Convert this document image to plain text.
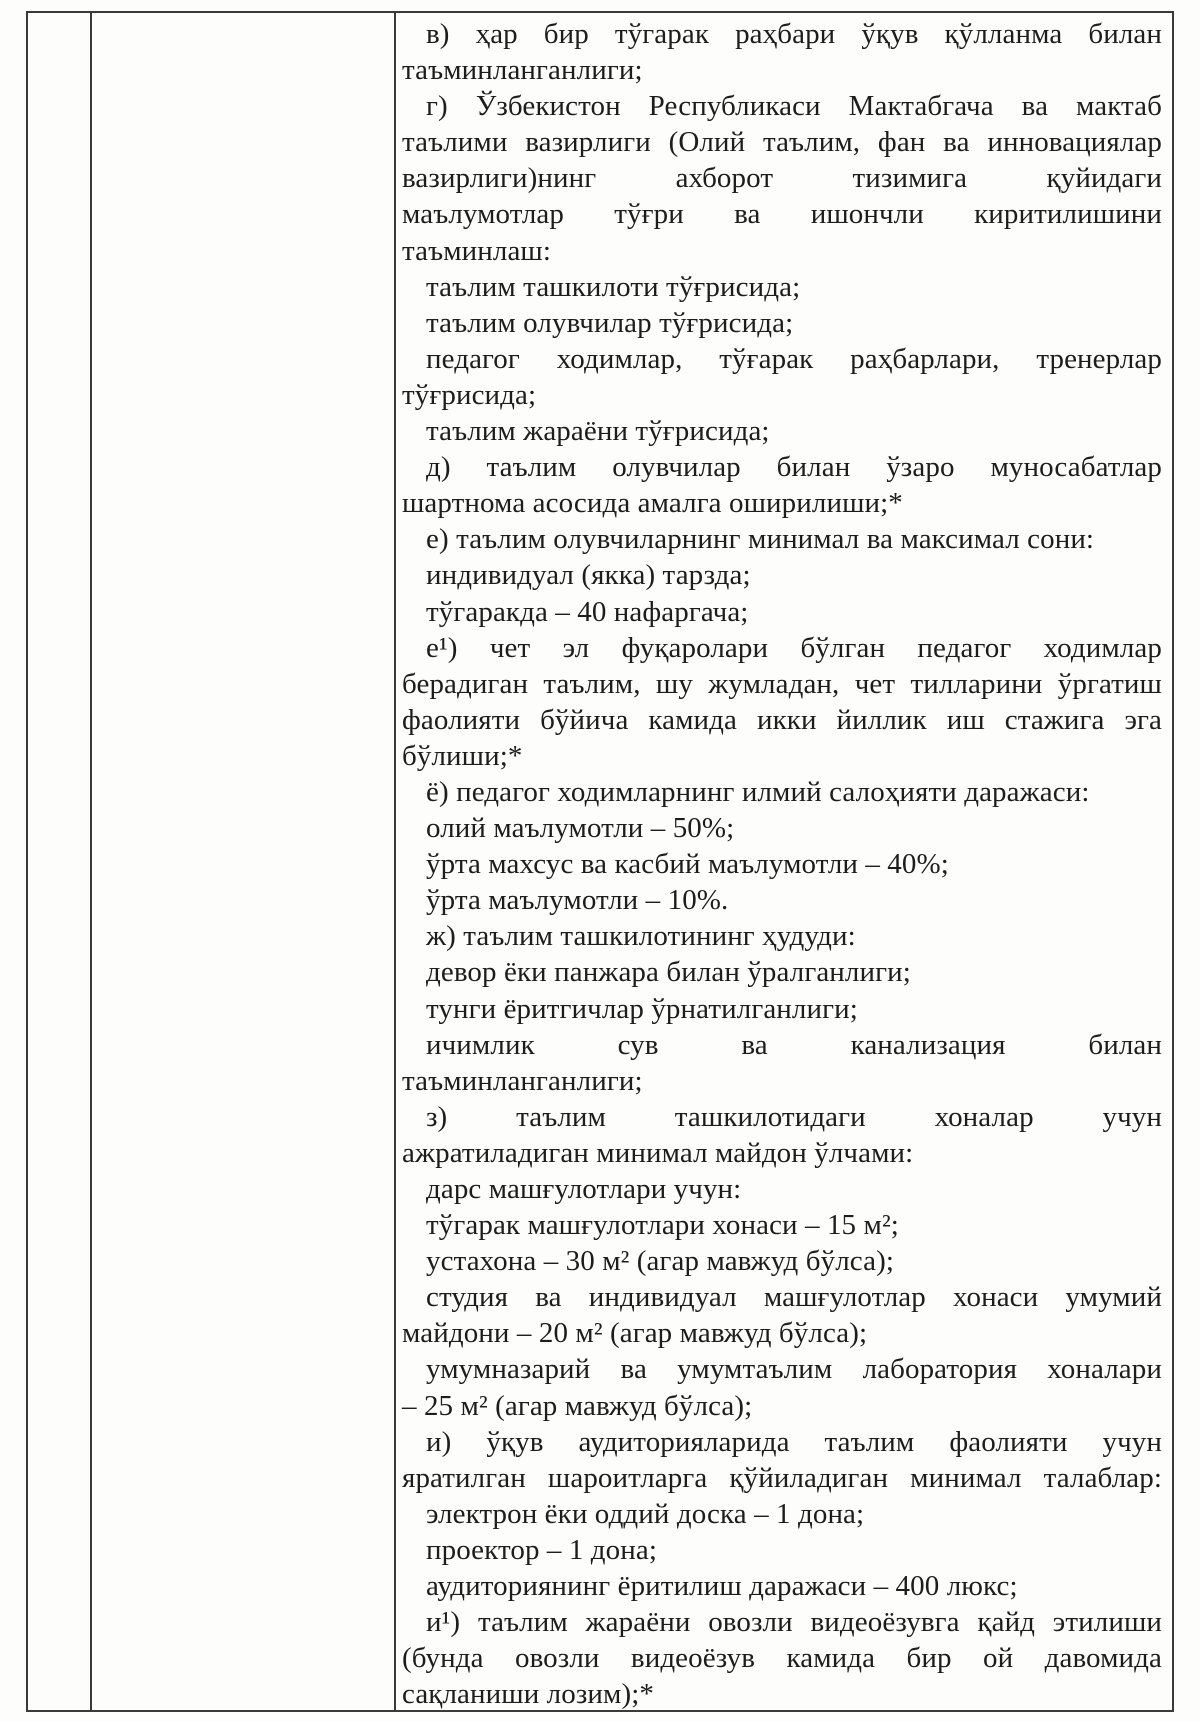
в) ҳар бир тўгарак раҳбари ўқув қўлланма билан
таъминланганлиги;
г) Ўзбекистон Республикаси Мактабгача ва мактаб
таълими вазирлиги (Олий таълим, фан ва инновациялар
вазирлиги)нинг ахборот тизимига қуйидаги
маълумотлар тўғри ва ишончли киритилишини
таъминлаш:
таълим ташкилоти тўғрисида;
таълим олувчилар тўғрисида;
педагог ходимлар, тўғарак раҳбарлари, тренерлар
тўғрисида;
таълим жараёни тўғрисида;
д) таълим олувчилар билан ўзаро муносабатлар
шартнома асосида амалга оширилиши;*
е) таълим олувчиларнинг минимал ва максимал сони:
индивидуал (якка) тарзда;
тўгаракда – 40 нафаргача;
е¹) чет эл фуқаролари бўлган педагог ходимлар
берадиган таълим, шу жумладан, чет тилларини ўргатиш
фаолияти бўйича камида икки йиллик иш стажига эга
бўлиши;*
ё) педагог ходимларнинг илмий салоҳияти даражаси:
олий маълумотли – 50%;
ўрта махсус ва касбий маълумотли – 40%;
ўрта маълумотли – 10%.
ж) таълим ташкилотининг ҳудуди:
девор ёки панжара билан ўралганлиги;
тунги ёритгичлар ўрнатилганлиги;
ичимлик сув ва канализация билан
таъминланганлиги;
з) таълим ташкилотидаги хоналар учун
ажратиладиган минимал майдон ўлчами:
дарс машғулотлари учун:
тўгарак машғулотлари хонаси – 15 м²;
устахона – 30 м² (агар мавжуд бўлса);
студия ва индивидуал машғулотлар хонаси умумий
майдони – 20 м² (агар мавжуд бўлса);
умумназарий ва умумтаълим лаборатория хоналари
– 25 м² (агар мавжуд бўлса);
и) ўқув аудиторияларида таълим фаолияти учун
яратилган шароитларга қўйиладиган минимал талаблар:
электрон ёки оддий доска – 1 дона;
проектор – 1 дона;
аудиториянинг ёритилиш даражаси – 400 люкс;
и¹) таълим жараёни овозли видеоёзувга қайд этилиши
(бунда овозли видеоёзув камида бир ой давомида
сақланиши лозим);*
